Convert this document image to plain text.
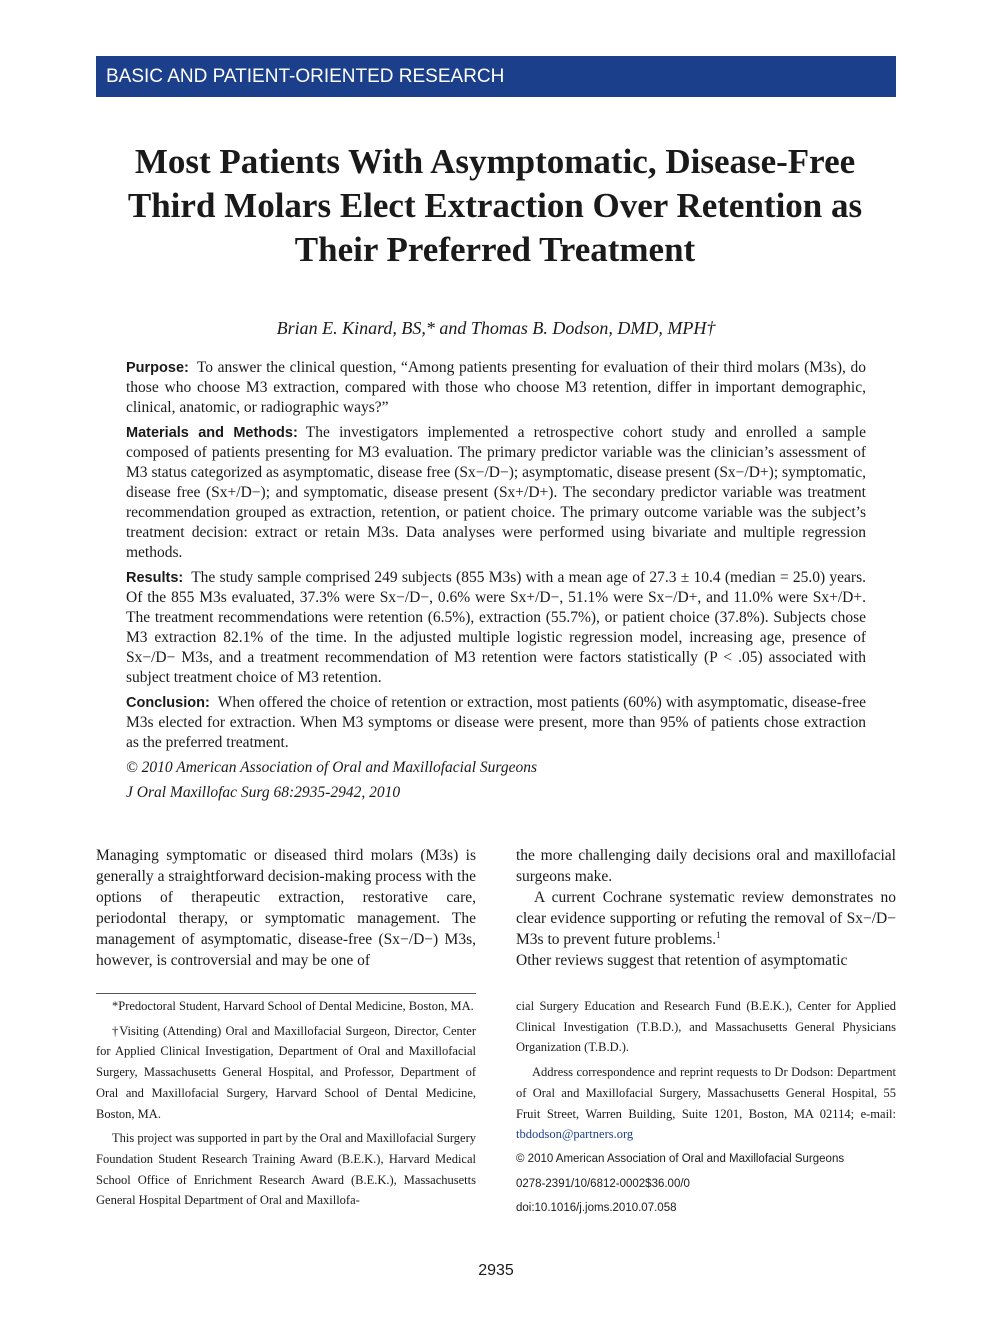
BASIC AND PATIENT-ORIENTED RESEARCH
Most Patients With Asymptomatic, Disease-Free Third Molars Elect Extraction Over Retention as Their Preferred Treatment
Brian E. Kinard, BS,* and Thomas B. Dodson, DMD, MPH†

Purpose: To answer the clinical question, “Among patients presenting for evaluation of their third molars (M3s), do those who choose M3 extraction, compared with those who choose M3 retention, differ in important demographic, clinical, anatomic, or radiographic ways?”

Materials and Methods: The investigators implemented a retrospective cohort study and enrolled a sample composed of patients presenting for M3 evaluation. The primary predictor variable was the clinician’s assessment of M3 status categorized as asymptomatic, disease free (Sx−/D−); asymptomatic, disease present (Sx−/D+); symptomatic, disease free (Sx+/D−); and symptomatic, disease present (Sx+/D+). The secondary predictor variable was treatment recommendation grouped as extraction, retention, or patient choice. The primary outcome variable was the subject’s treatment decision: extract or retain M3s. Data analyses were performed using bivariate and multiple regression methods.

Results: The study sample comprised 249 subjects (855 M3s) with a mean age of 27.3 ± 10.4 (median = 25.0) years. Of the 855 M3s evaluated, 37.3% were Sx−/D−, 0.6% were Sx+/D−, 51.1% were Sx−/D+, and 11.0% were Sx+/D+. The treatment recommendations were retention (6.5%), extraction (55.7%), or patient choice (37.8%). Subjects chose M3 extraction 82.1% of the time. In the adjusted multiple logistic regression model, increasing age, presence of Sx−/D− M3s, and a treatment recommendation of M3 retention were factors statistically (P < .05) associated with subject treatment choice of M3 retention.

Conclusion: When offered the choice of retention or extraction, most patients (60%) with asymptomatic, disease-free M3s elected for extraction. When M3 symptoms or disease were present, more than 95% of patients chose extraction as the preferred treatment.

© 2010 American Association of Oral and Maxillofacial Surgeons

J Oral Maxillofac Surg 68:2935-2942, 2010

Managing symptomatic or diseased third molars (M3s) is generally a straightforward decision-making process with the options of therapeutic extraction, restorative care, periodontal therapy, or symptomatic management. The management of asymptomatic, disease-free (Sx−/D−) M3s, however, is controversial and may be one of

the more challenging daily decisions oral and maxillofacial surgeons make.

A current Cochrane systematic review demonstrates no clear evidence supporting or refuting the removal of Sx−/D− M3s to prevent future problems.$^1$

Other reviews suggest that retention of asymptomatic

*Predoctoral Student, Harvard School of Dental Medicine, Boston, MA.

†Visiting (Attending) Oral and Maxillofacial Surgeon, Director, Center for Applied Clinical Investigation, Department of Oral and Maxillofacial Surgery, Massachusetts General Hospital, and Professor, Department of Oral and Maxillofacial Surgery, Harvard School of Dental Medicine, Boston, MA.

This project was supported in part by the Oral and Maxillofacial Surgery Foundation Student Research Training Award (B.E.K.), Harvard Medical School Office of Enrichment Research Award (B.E.K.), Massachusetts General Hospital Department of Oral and Maxillofa-

cial Surgery Education and Research Fund (B.E.K.), Center for Applied Clinical Investigation (T.B.D.), and Massachusetts General Physicians Organization (T.B.D.).

Address correspondence and reprint requests to Dr Dodson: Department of Oral and Maxillofacial Surgery, Massachusetts General Hospital, 55 Fruit Street, Warren Building, Suite 1201, Boston, MA 02114; e-mail: tbdodson@partners.org

© 2010 American Association of Oral and Maxillofacial Surgeons

0278-2391/10/6812-0002$36.00/0

doi:10.1016/j.joms.2010.07.058

2935
